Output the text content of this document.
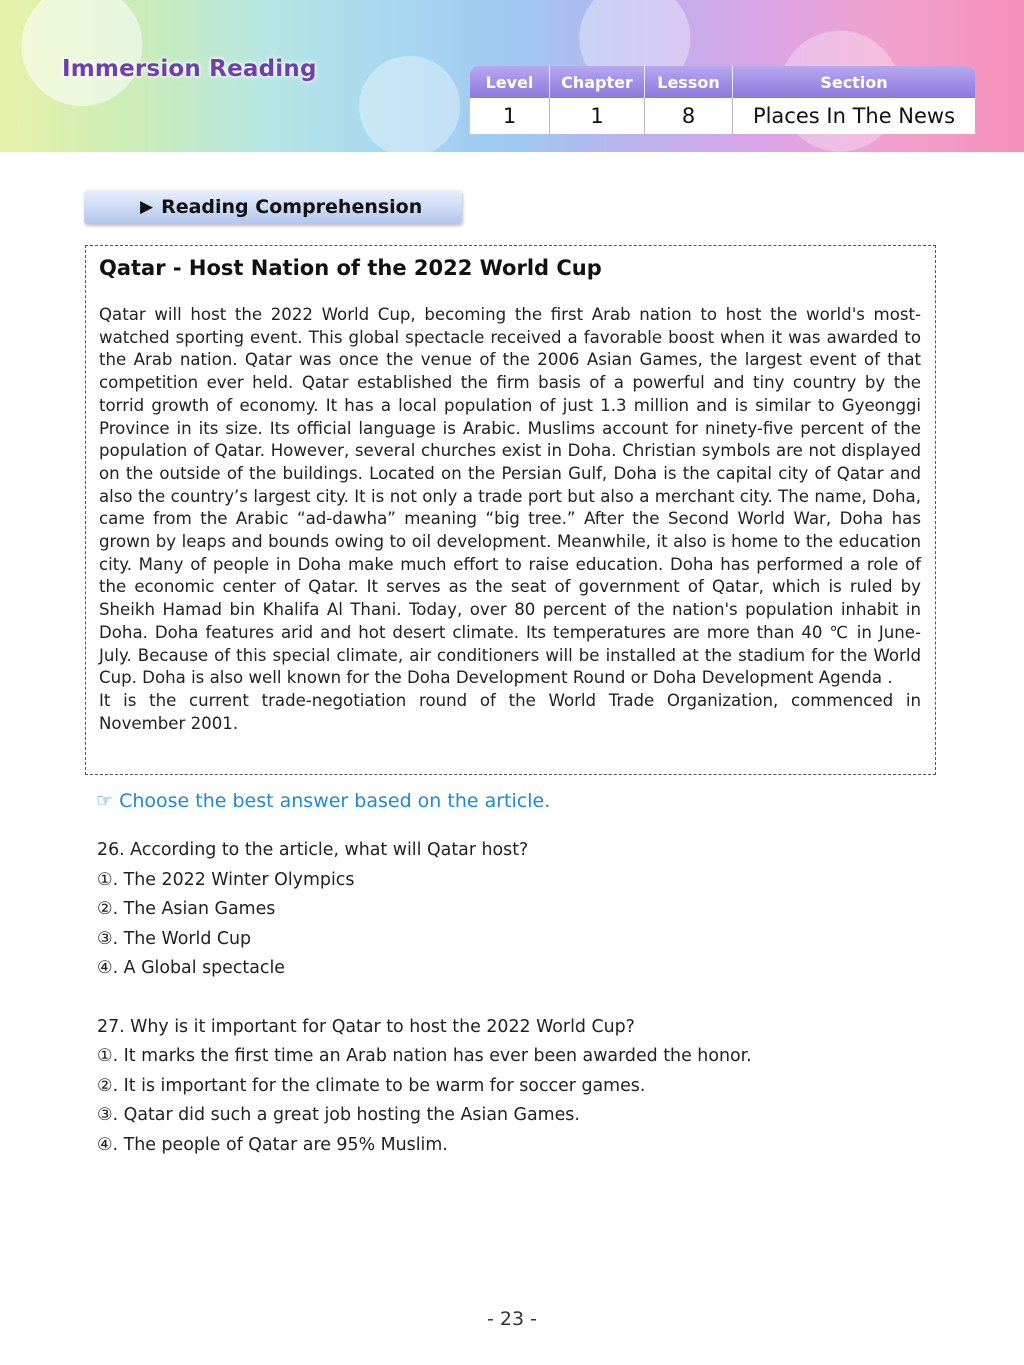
Immersion Reading	Level	Chapter	Lesson	Section
1	1	8	Places In The News
▶ Reading Comprehension
Qatar - Host Nation of the 2022 World Cup

Qatar will host the 2022 World Cup, becoming the first Arab nation to host the world's most-watched sporting event. This global spectacle received a favorable boost when it was awarded to the Arab nation. Qatar was once the venue of the 2006 Asian Games, the largest event of that competition ever held. Qatar established the firm basis of a powerful and tiny country by the torrid growth of economy. It has a local population of just 1.3 million and is similar to Gyeonggi Province in its size. Its official language is Arabic. Muslims account for ninety-five percent of the population of Qatar. However, several churches exist in Doha. Christian symbols are not displayed on the outside of the buildings. Located on the Persian Gulf, Doha is the capital city of Qatar and also the country’s largest city. It is not only a trade port but also a merchant city. The name, Doha, came from the Arabic “ad-dawha” meaning “big tree.” After the Second World War, Doha has grown by leaps and bounds owing to oil development. Meanwhile, it also is home to the education city. Many of people in Doha make much effort to raise education. Doha has performed a role of the economic center of Qatar. It serves as the seat of government of Qatar, which is ruled by Sheikh Hamad bin Khalifa Al Thani. Today, over 80 percent of the nation's population inhabit in Doha. Doha features arid and hot desert climate. Its temperatures are more than 40 ℃ in June-July. Because of this special climate, air conditioners will be installed at the stadium for the World Cup. Doha is also well known for the Doha Development Round or Doha Development Agenda .

It is the current trade-negotiation round of the World Trade Organization, commenced in November 2001.

☞ Choose the best answer based on the article.
26. According to the article, what will Qatar host?
①. The 2022 Winter Olympics
②. The Asian Games
③. The World Cup
④. A Global spectacle
27. Why is it important for Qatar to host the 2022 World Cup?
①. It marks the first time an Arab nation has ever been awarded the honor.
②. It is important for the climate to be warm for soccer games.
③. Qatar did such a great job hosting the Asian Games.
④. The people of Qatar are 95% Muslim.
- 23 -
